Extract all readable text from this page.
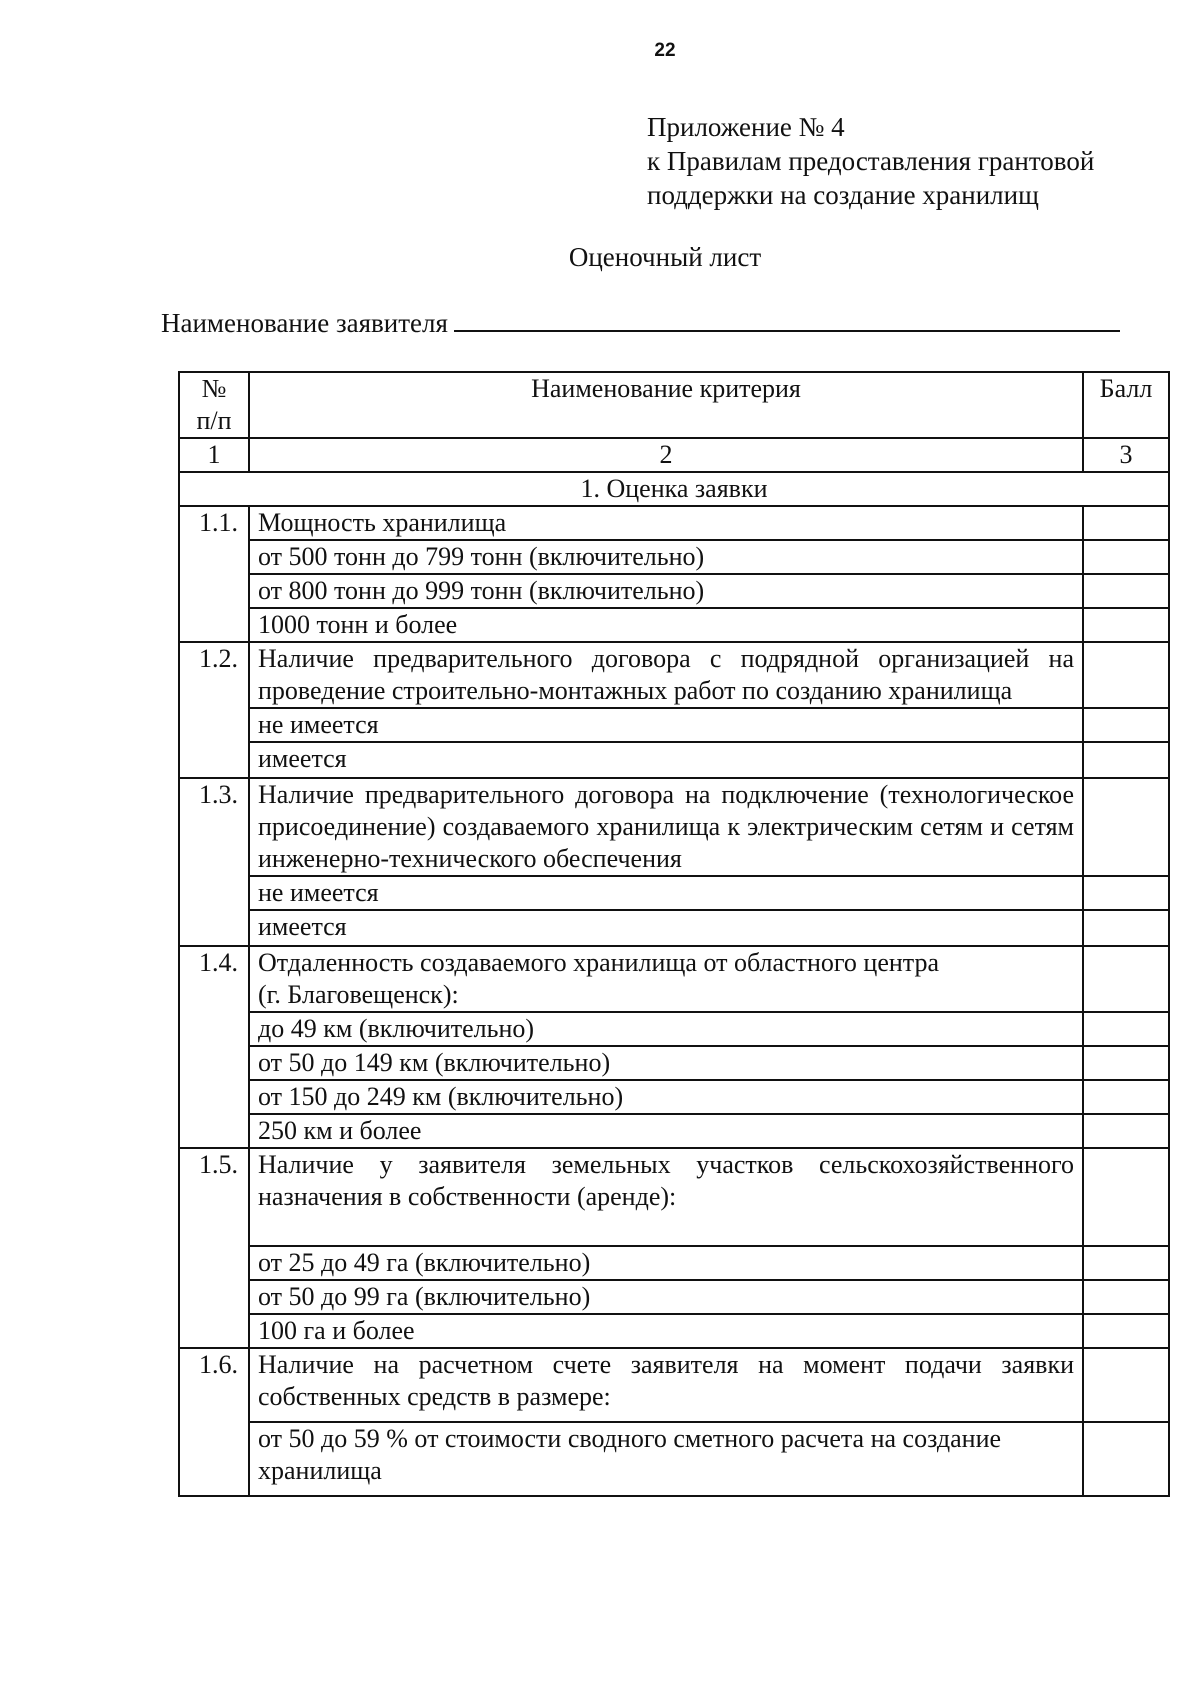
22
Приложение № 4
к Правилам предоставления грантовой
поддержки на создание хранилищ
Оценочный лист
Наименование заявителя
№ п/п	Наименование критерия	Балл
1	2	3
1. Оценка заявки		
1.1.	Мощность хранилища	
	от 500 тонн до 799 тонн (включительно)	
	от 800 тонн до 999 тонн (включительно)	
	1000 тонн и более	
1.2.	Наличие предварительного договора с подрядной организацией на проведение строительно-монтажных работ по созданию хранилища	
	не имеется	
	имеется	
1.3.	Наличие предварительного договора на подключение (технологическое присоединение) создаваемого хранилища к электрическим сетям и сетям инженерно-технического обеспечения	
	не имеется	
	имеется	
1.4.	Отдаленность создаваемого хранилища от областного центра
(г. Благовещенск):	

	до 49 км (включительно)	
	от 50 до 149 км (включительно)	
	от 150 до 249 км (включительно)	
	250 км и более	
1.5.	Наличие у заявителя земельных участков сельскохозяйственного назначения в собственности (аренде):	
	от 25 до 49 га (включительно)	
	от 50 до 99 га (включительно)	
	100 га и более	
1.6.	Наличие на расчетном счете заявителя на момент подачи заявки собственных средств в размере:	
	от 50 до 59 % от стоимости сводного сметного расчета на создание хранилища	
